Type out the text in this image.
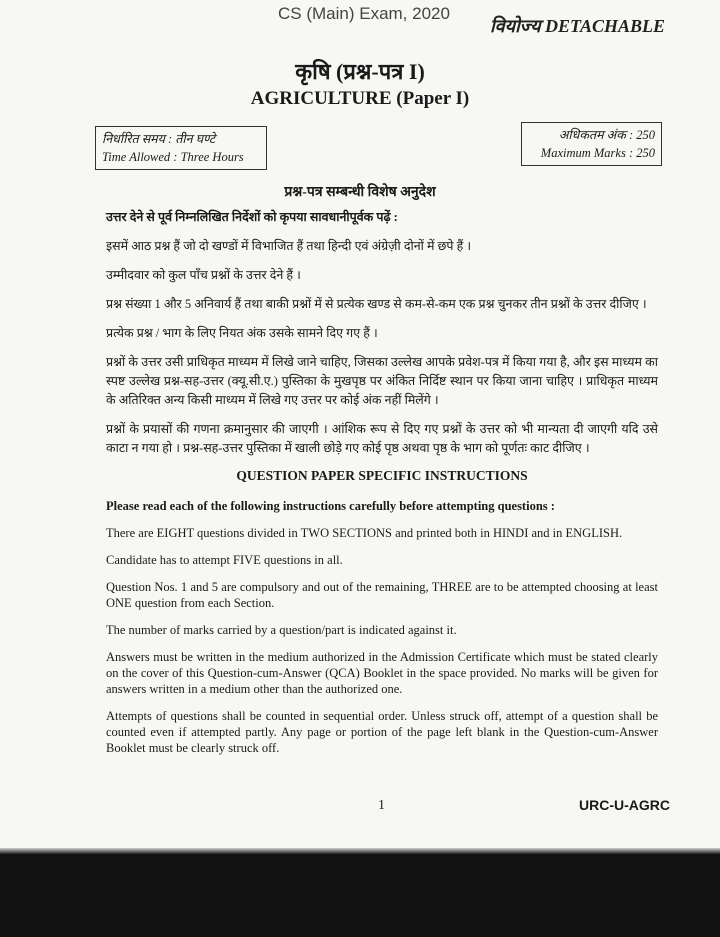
CS (Main) Exam, 2020
वियोज्य DETACHABLE
कृषि (प्रश्न-पत्र I)
AGRICULTURE (Paper I)
निर्धारित समय : तीन घण्टे
Time Allowed : Three Hours
अधिकतम अंक : 250
Maximum Marks : 250
प्रश्न-पत्र सम्बन्धी विशेष अनुदेश

उत्तर देने से पूर्व निम्नलिखित निर्देशों को कृपया सावधानीपूर्वक पढ़ें :

इसमें आठ प्रश्न हैं जो दो खण्डों में विभाजित हैं तथा हिन्दी एवं अंग्रेज़ी दोनों में छपे हैं ।

उम्मीदवार को कुल पाँच प्रश्नों के उत्तर देने हैं ।

प्रश्न संख्या 1 और 5 अनिवार्य हैं तथा बाकी प्रश्नों में से प्रत्येक खण्ड से कम-से-कम एक प्रश्न चुनकर तीन प्रश्नों के उत्तर दीजिए ।

प्रत्येक प्रश्न / भाग के लिए नियत अंक उसके सामने दिए गए हैं ।

प्रश्नों के उत्तर उसी प्राधिकृत माध्यम में लिखे जाने चाहिए, जिसका उल्लेख आपके प्रवेश-पत्र में किया गया है, और इस माध्यम का स्पष्ट उल्लेख प्रश्न-सह-उत्तर (क्यू.सी.ए.) पुस्तिका के मुखपृष्ठ पर अंकित निर्दिष्ट स्थान पर किया जाना चाहिए । प्राधिकृत माध्यम के अतिरिक्त अन्य किसी माध्यम में लिखे गए उत्तर पर कोई अंक नहीं मिलेंगे ।

प्रश्नों के प्रयासों की गणना क्रमानुसार की जाएगी । आंशिक रूप से दिए गए प्रश्नों के उत्तर को भी मान्यता दी जाएगी यदि उसे काटा न गया हो । प्रश्न-सह-उत्तर पुस्तिका में खाली छोड़े गए कोई पृष्ठ अथवा पृष्ठ के भाग को पूर्णतः काट दीजिए ।

QUESTION PAPER SPECIFIC INSTRUCTIONS

Please read each of the following instructions carefully before attempting questions :

There are EIGHT questions divided in TWO SECTIONS and printed both in HINDI and in ENGLISH.

Candidate has to attempt FIVE questions in all.

Question Nos. 1 and 5 are compulsory and out of the remaining, THREE are to be attempted choosing at least ONE question from each Section.

The number of marks carried by a question/part is indicated against it.

Answers must be written in the medium authorized in the Admission Certificate which must be stated clearly on the cover of this Question-cum-Answer (QCA) Booklet in the space provided. No marks will be given for answers written in a medium other than the authorized one.

Attempts of questions shall be counted in sequential order. Unless struck off, attempt of a question shall be counted even if attempted partly. Any page or portion of the page left blank in the Question-cum-Answer Booklet must be clearly struck off.

1	URC-U-AGRC
